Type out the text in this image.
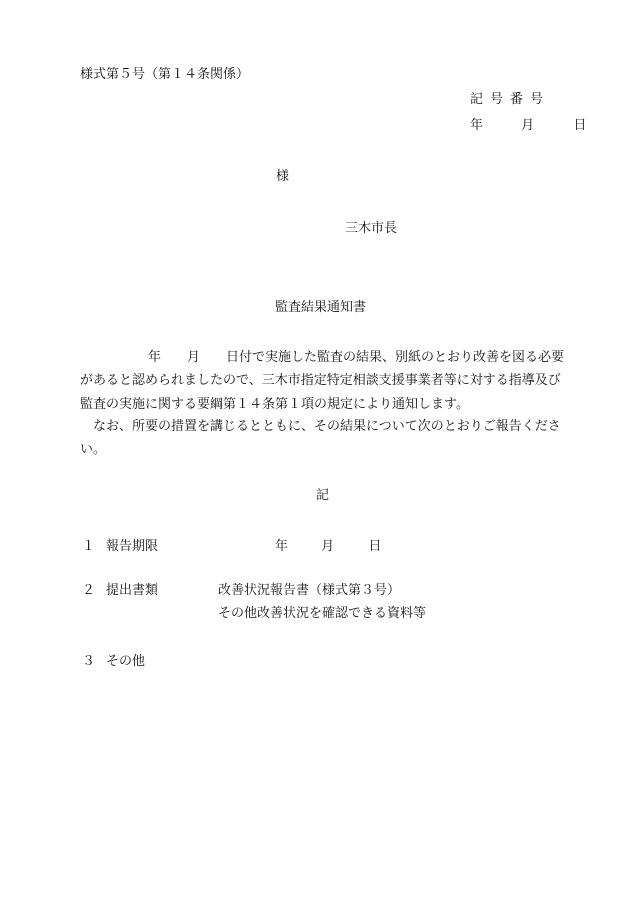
様式第５号（第１４条関係）
記号番号
年	月	日
様
三木市長
監査結果通知書
年　　月　　日付で実施した監査の結果、別紙のとおり改善を図る必要があると認められましたので、三木市指定特定相談支援事業者等に対する指導及び監査の実施に関する要綱第１４条第１項の規定により通知します。
なお、所要の措置を講じるとともに、その結果について次のとおりご報告ください。
記
１ 報告期限	年	月	日
２ 提出書類	改善状況報告書（様式第３号）
その他改善状況を確認できる資料等
３ その他
